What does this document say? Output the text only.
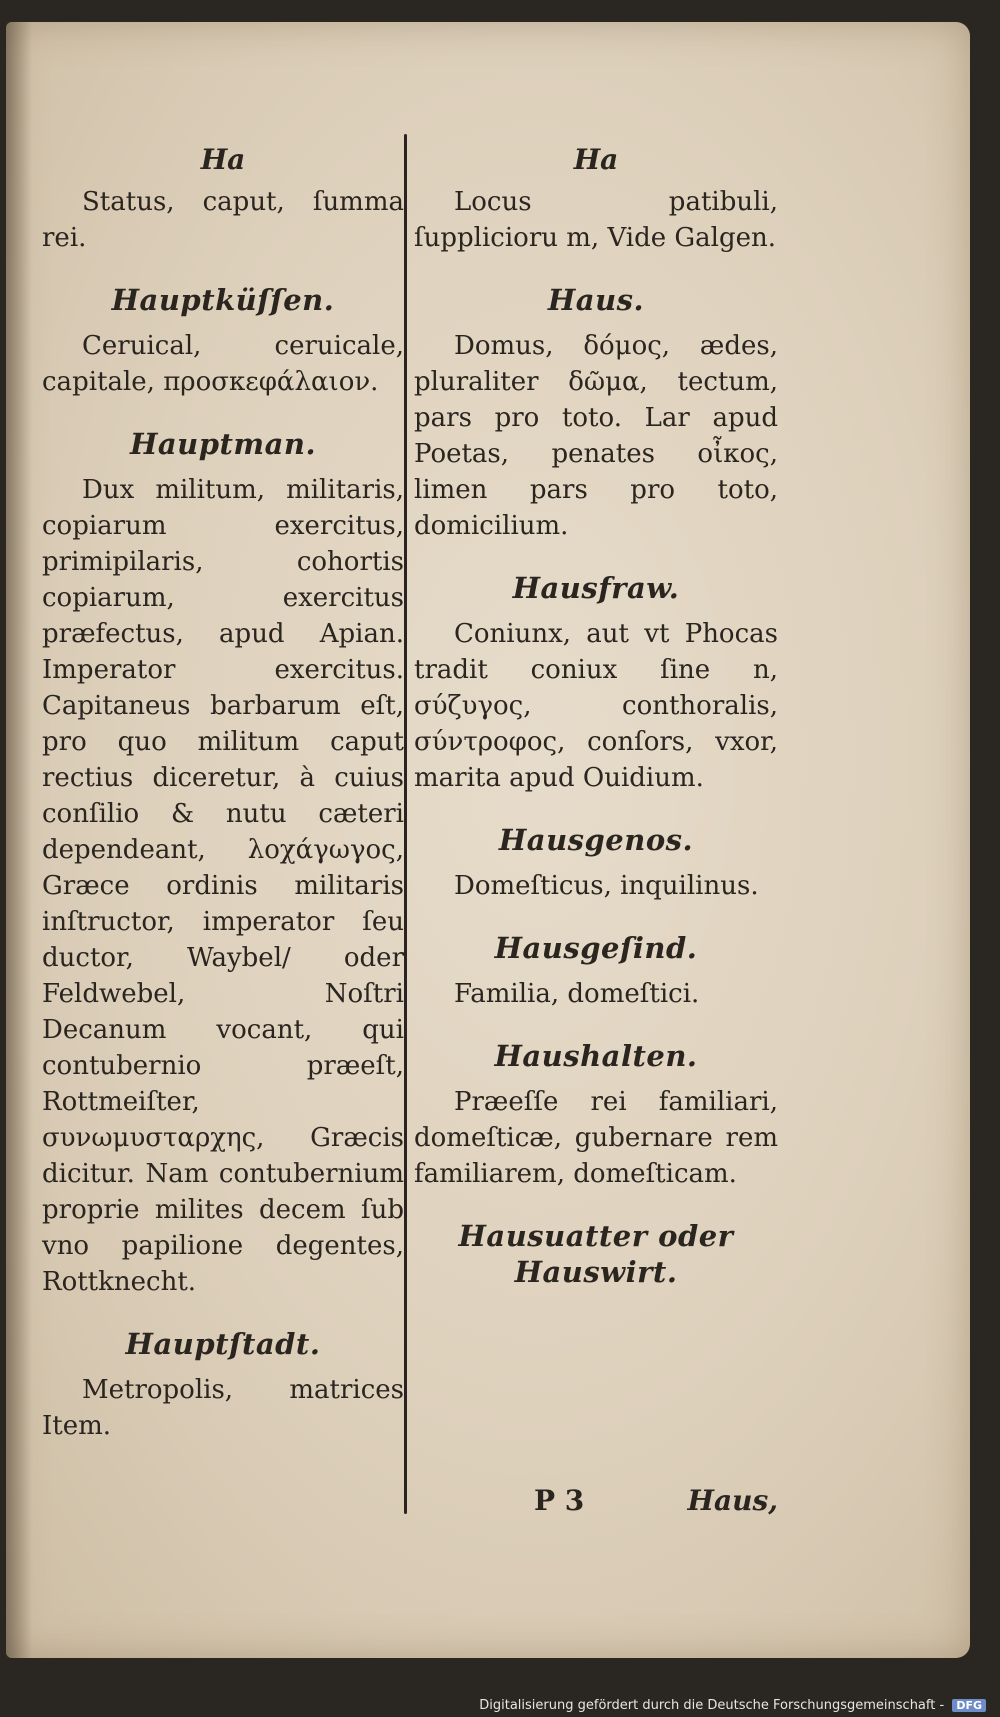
Ha

Status, caput, ſumma rei.

Hauptküſſen.

Ceruical, ceruicale, capitale, προσκεφάλαιον.

Hauptman.

Dux militum, militaris, copiarum exercitus, primipilaris, cohortis copiarum, exercitus præfectus, apud Apian. Imperator exercitus. Capitaneus barbarum eſt, pro quo militum caput rectius diceretur, à cuius conſilio & nutu cæteri dependeant, λοχάγωγος, Græce ordinis militaris inſtructor, imperator ſeu ductor, Waybel/ oder Feldwebel, Noſtri Decanum vocant, qui contubernio præeſt, Rottmeiſter, συνωμυσταρχης, Græcis dicitur. Nam contubernium proprie milites decem ſub vno papilione degentes, Rottknecht.

Hauptſtadt.

Metropolis, matrices Item.

Ha

Locus patibuli, ſupplicioru m, Vide Galgen.

Haus.

Domus, δόμος, ædes, pluraliter δῶμα, tectum, pars pro toto. Lar apud Poetas, penates οἶκος, limen pars pro toto, domicilium.

Hausfraw.

Coniunx, aut vt Phocas tradit coniux ſine n, σύζυγος, conthoralis, σύντροφος, conſors, vxor, marita apud Ouidium.

Hausgenos.

Domeſticus, inquilinus.

Hausgeſind.

Familia, domeſtici.

Haushalten.

Præeſſe rei familiari, domeſticæ, gubernare rem familiarem, domeſticam.

Hausuatter oder Hauswirt.
P 3	Haus,
Digitalisierung gefördert durch die Deutsche Forschungsgemeinschaft - DFG
